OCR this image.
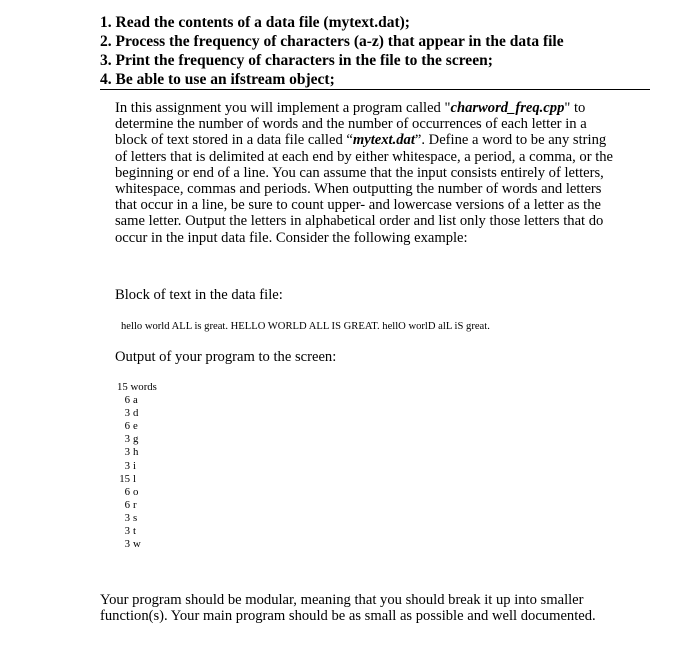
1. Read the contents of a data file (mytext.dat);
2. Process the frequency of characters (a-z) that appear in the data file
3. Print the frequency of characters in the file to the screen;
4. Be able to use an ifstream object;
In this assignment you will implement a program called "charword_freq.cpp" to determine the number of words and the number of occurrences of each letter in a block of text stored in a data file called “mytext.dat”. Define a word to be any string of letters that is delimited at each end by either whitespace, a period, a comma, or the beginning or end of a line. You can assume that the input consists entirely of letters, whitespace, commas and periods. When outputting the number of words and letters that occur in a line, be sure to count upper- and lowercase versions of a letter as the same letter. Output the letters in alphabetical order and list only those letters that do occur in the input data file. Consider the following example:
Block of text in the data file:
hello world ALL is great. HELLO WORLD ALL IS GREAT. hellO worlD alL iS great.
Output of your program to the screen:
15 words
6 a
3 d
6 e
3 g
3 h
3 i
15 l
6 o
6 r
3 s
3 t
3 w
Your program should be modular, meaning that you should break it up into smaller function(s). Your main program should be as small as possible and well documented.
